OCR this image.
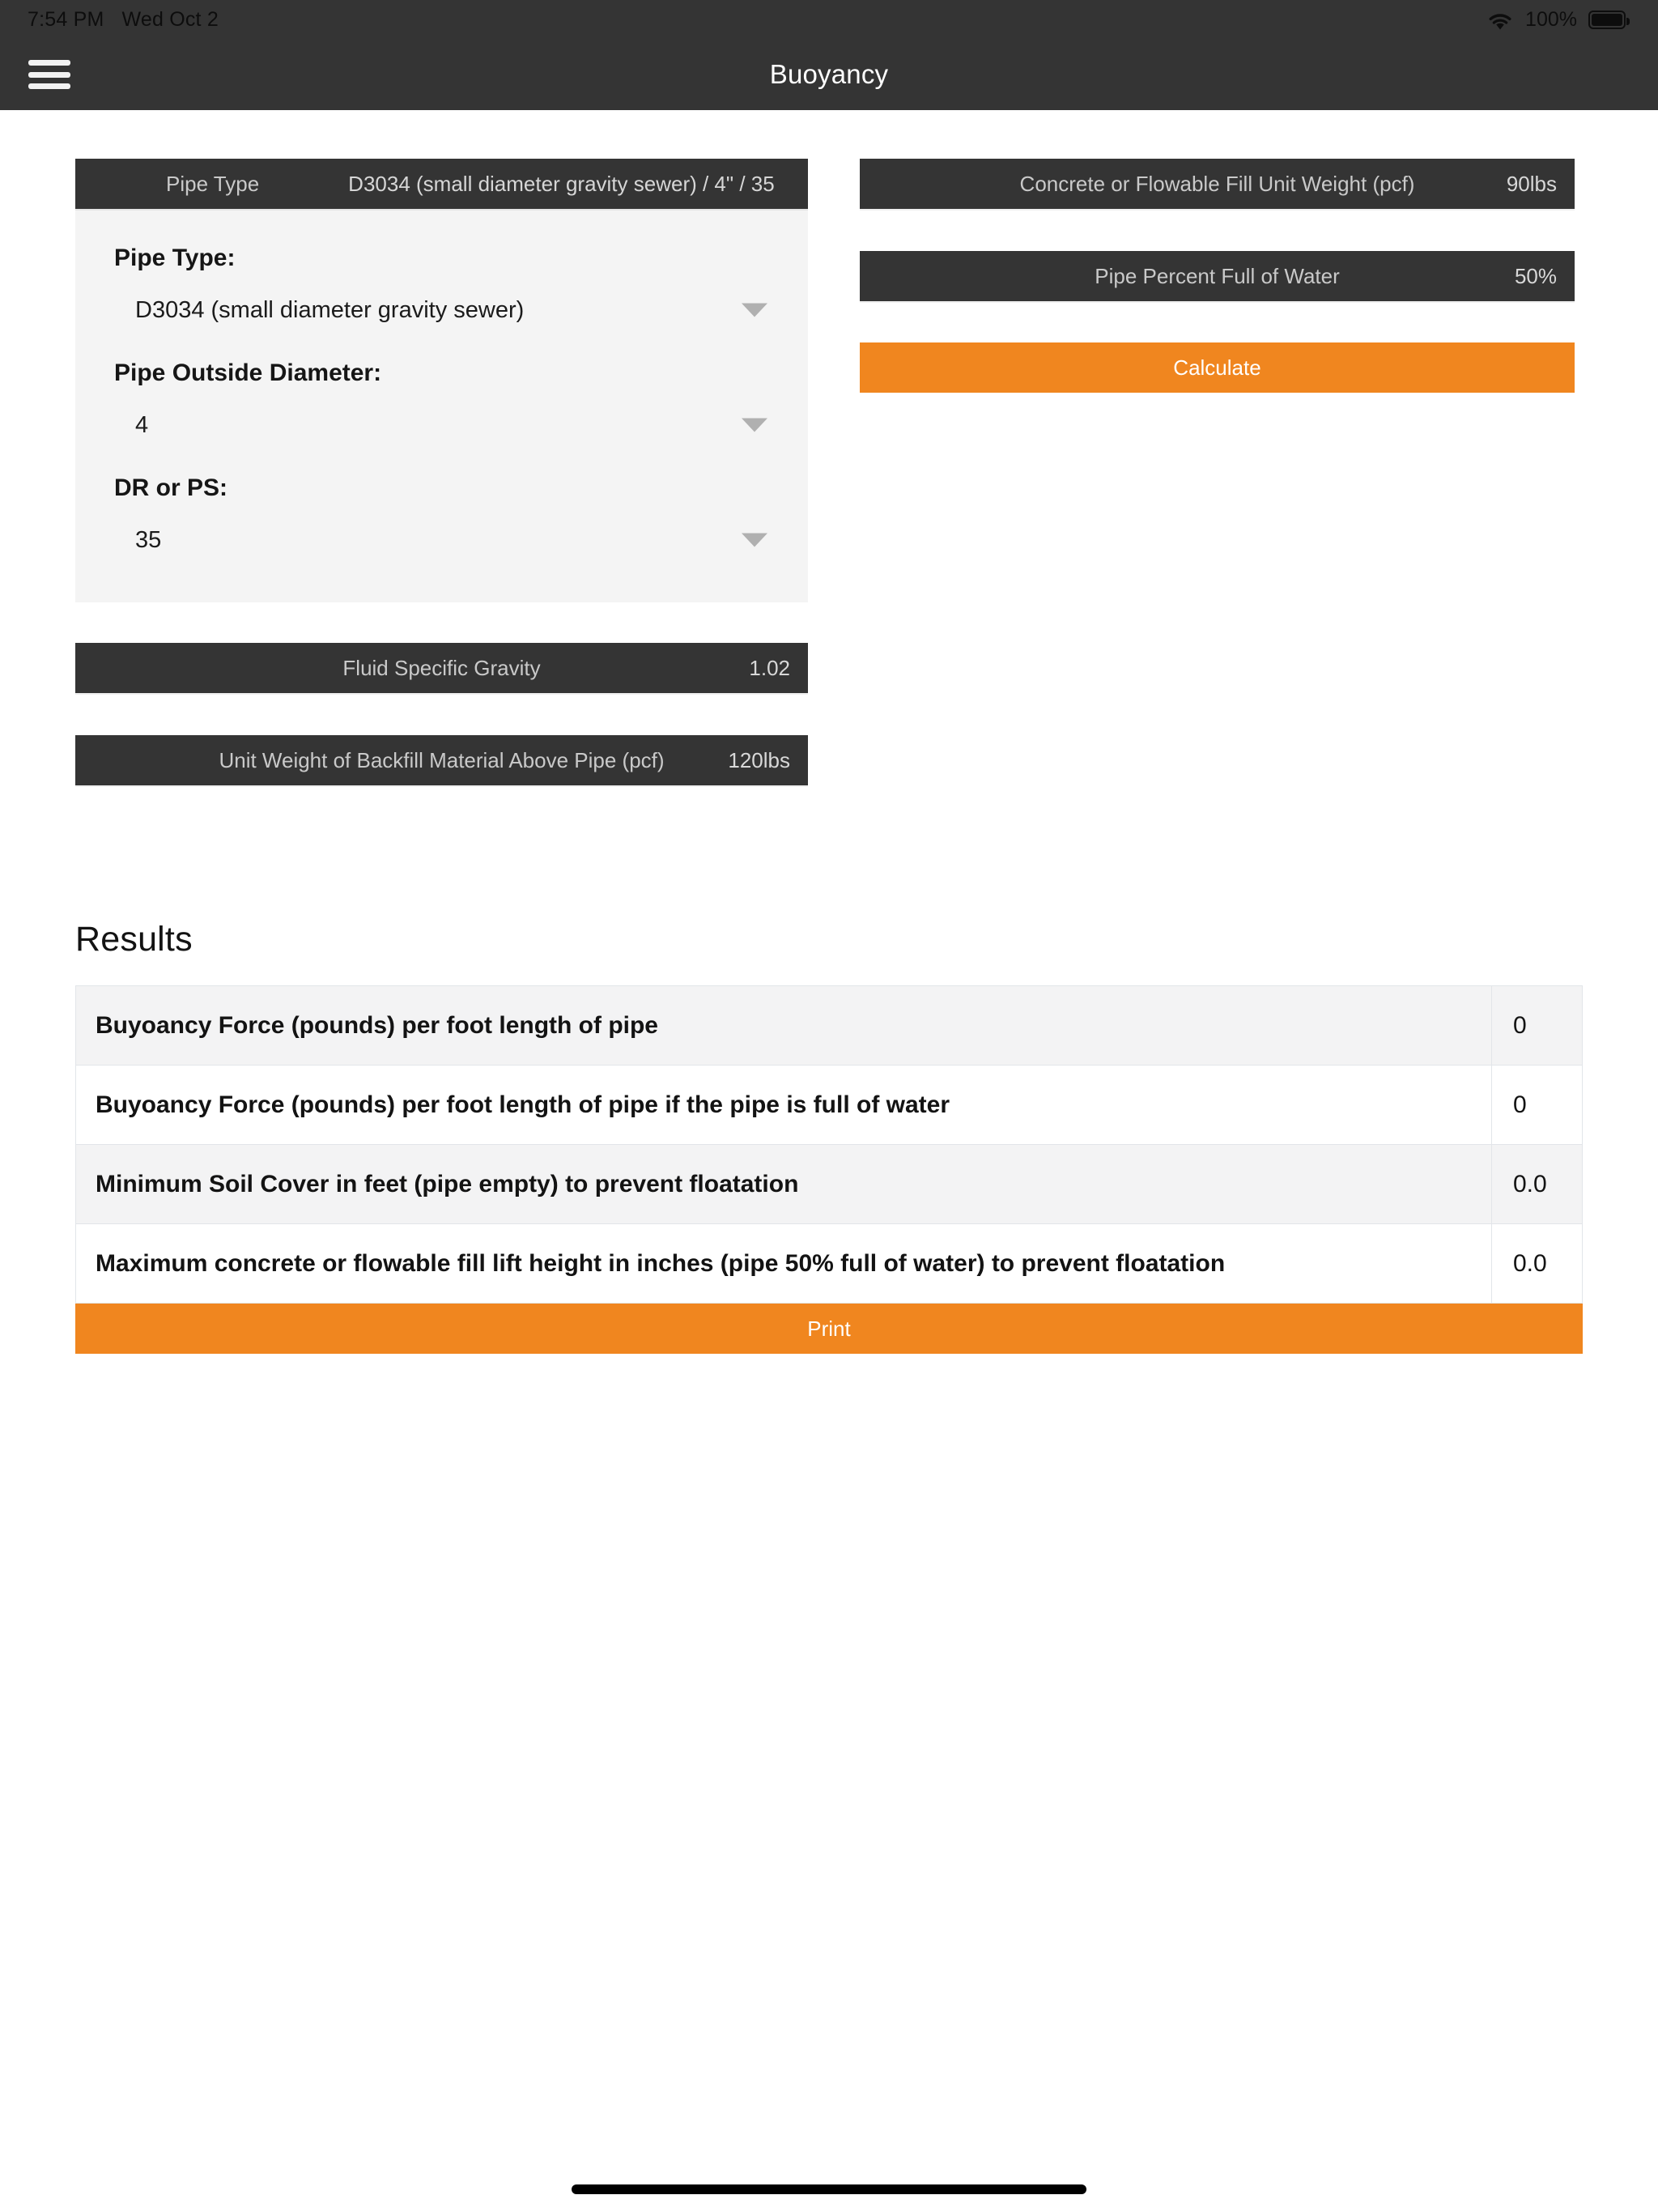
7:54 PM Wed Oct 2	100%
Buoyancy
Pipe Type	D3034 (small diameter gravity sewer) / 4" / 35
Pipe Type:
D3034 (small diameter gravity sewer)
Pipe Outside Diameter:
4
DR or PS:
35
Fluid Specific Gravity	1.02
Unit Weight of Backfill Material Above Pipe (pcf)	120lbs
Concrete or Flowable Fill Unit Weight (pcf)	90lbs
Pipe Percent Full of Water	50%
Calculate
Results
Buyoancy Force (pounds) per foot length of pipe	0
Buyoancy Force (pounds) per foot length of pipe if the pipe is full of water	0
Minimum Soil Cover in feet (pipe empty) to prevent floatation	0.0
Maximum concrete or flowable fill lift height in inches (pipe 50% full of water) to prevent floatation	0.0
Print
